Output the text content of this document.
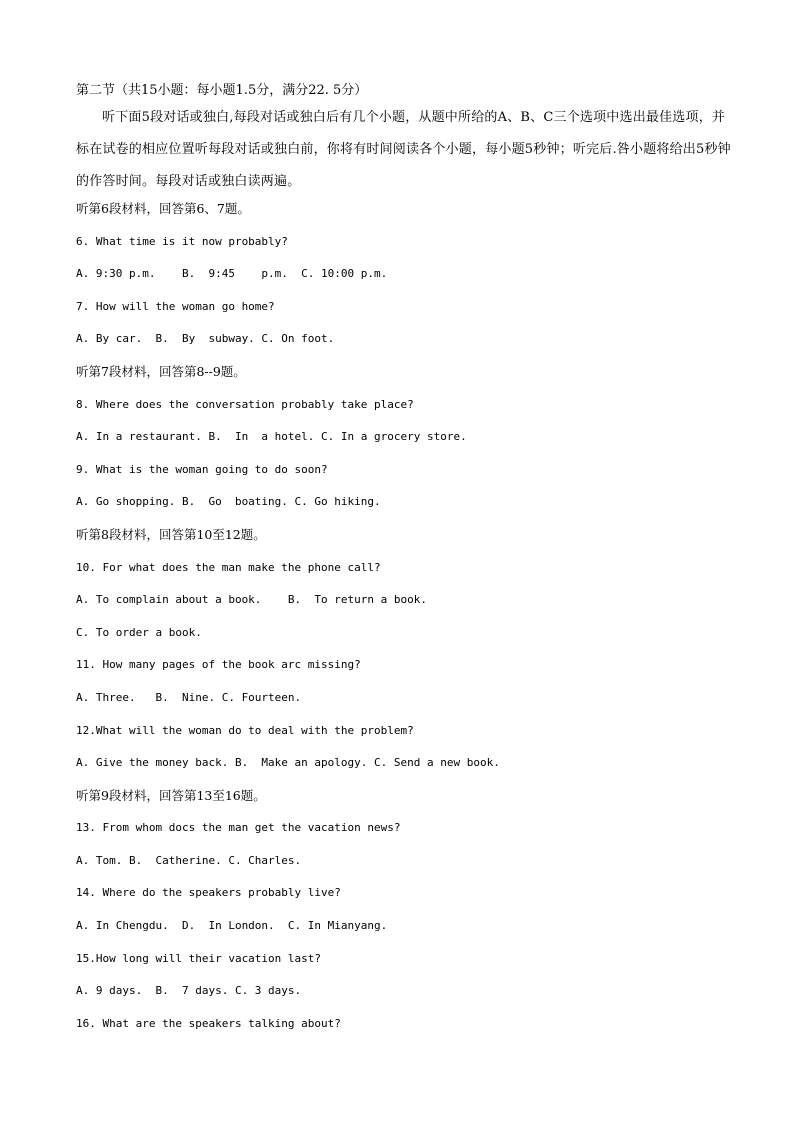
第二节（共15小题：每小题1.5分，满分22. 5分）

听下面5段对话或独白,每段对话或独白后有几个小题，从题中所给的A、B、C三个选项中选出最佳选项，并标在试卷的相应位置听每段对话或独白前，你将有时间阅读各个小题，每小题5秒钟；听完后.咎小题将给出5秒钟的作答时间。每段对话或独白读两遍。

听第6段材料，回答第6、7题。

6. What time is it now probably?

A. 9:30 p.m.    B.  9:45    p.m.  C. 10:00 p.m.

7. How will the woman go home?

A. By car.  B.  By  subway. C. On foot.

听第7段材料，回答第8--9题。

8. Where does the conversation probably take place?

A. In a restaurant. B.  In  a hotel. C. In a grocery store.

9. What is the woman going to do soon?

A. Go shopping. B.  Go  boating. C. Go hiking.

听第8段材料，回答第10至12题。

10. For what does the man make the phone call?

A. To complain about a book.    B.  To return a book.

C. To order a book.

11. How many pages of the book arc missing?

A. Three.   B.  Nine. C. Fourteen.

12.What will the woman do to deal with the problem?

A. Give the money back. B.  Make an apology. C. Send a new book.

听第9段材料，回答第13至16题。

13. From whom docs the man get the vacation news?

A. Tom. B.  Catherine. C. Charles.

14. Where do the speakers probably live?

A. In Chengdu.  D.  In London.  C. In Mianyang.

15.How long will their vacation last?

A. 9 days.  B.  7 days. C. 3 days.

16. What are the speakers talking about?
